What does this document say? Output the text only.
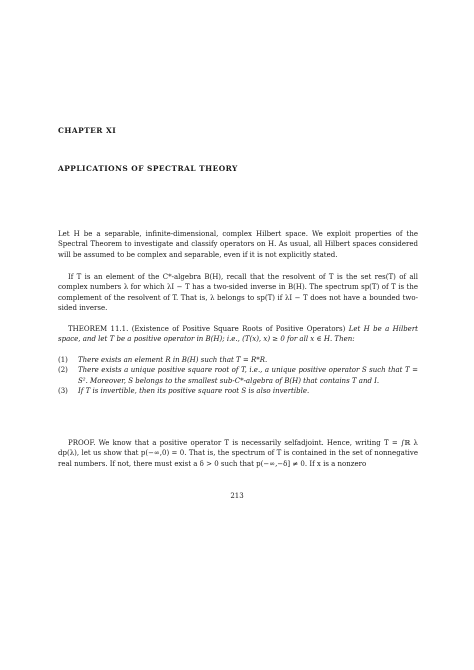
CHAPTER XI
APPLICATIONS OF SPECTRAL THEORY
Let H be a separable, infinite-dimensional, complex Hilbert space. We exploit properties of the Spectral Theorem to investigate and classify operators on H. As usual, all Hilbert spaces considered will be assumed to be complex and separable, even if it is not explicitly stated.
If T is an element of the C*-algebra B(H), recall that the resolvent of T is the set res(T) of all complex numbers λ for which λI − T has a two-sided inverse in B(H). The spectrum sp(T) of T is the complement of the resolvent of T. That is, λ belongs to sp(T) if λI − T does not have a bounded two-sided inverse.
THEOREM 11.1. (Existence of Positive Square Roots of Positive Operators) Let H be a Hilbert space, and let T be a positive operator in B(H); i.e., (T(x), x) ≥ 0 for all x ∈ H. Then:
(1)	There exists an element R in B(H) such that T = R*R.
(2)	There exists a unique positive square root of T, i.e., a unique positive operator S such that T = S². Moreover, S belongs to the smallest sub-C*-algebra of B(H) that contains T and I.
(3)	If T is invertible, then its positive square root S is also invertible.
PROOF. We know that a positive operator T is necessarily selfadjoint. Hence, writing T = ∫ℝ λ dp(λ), let us show that p(−∞,0) = 0. That is, the spectrum of T is contained in the set of nonnegative real numbers. If not, there must exist a δ > 0 such that p(−∞,−δ] ≠ 0. If x is a nonzero
213
